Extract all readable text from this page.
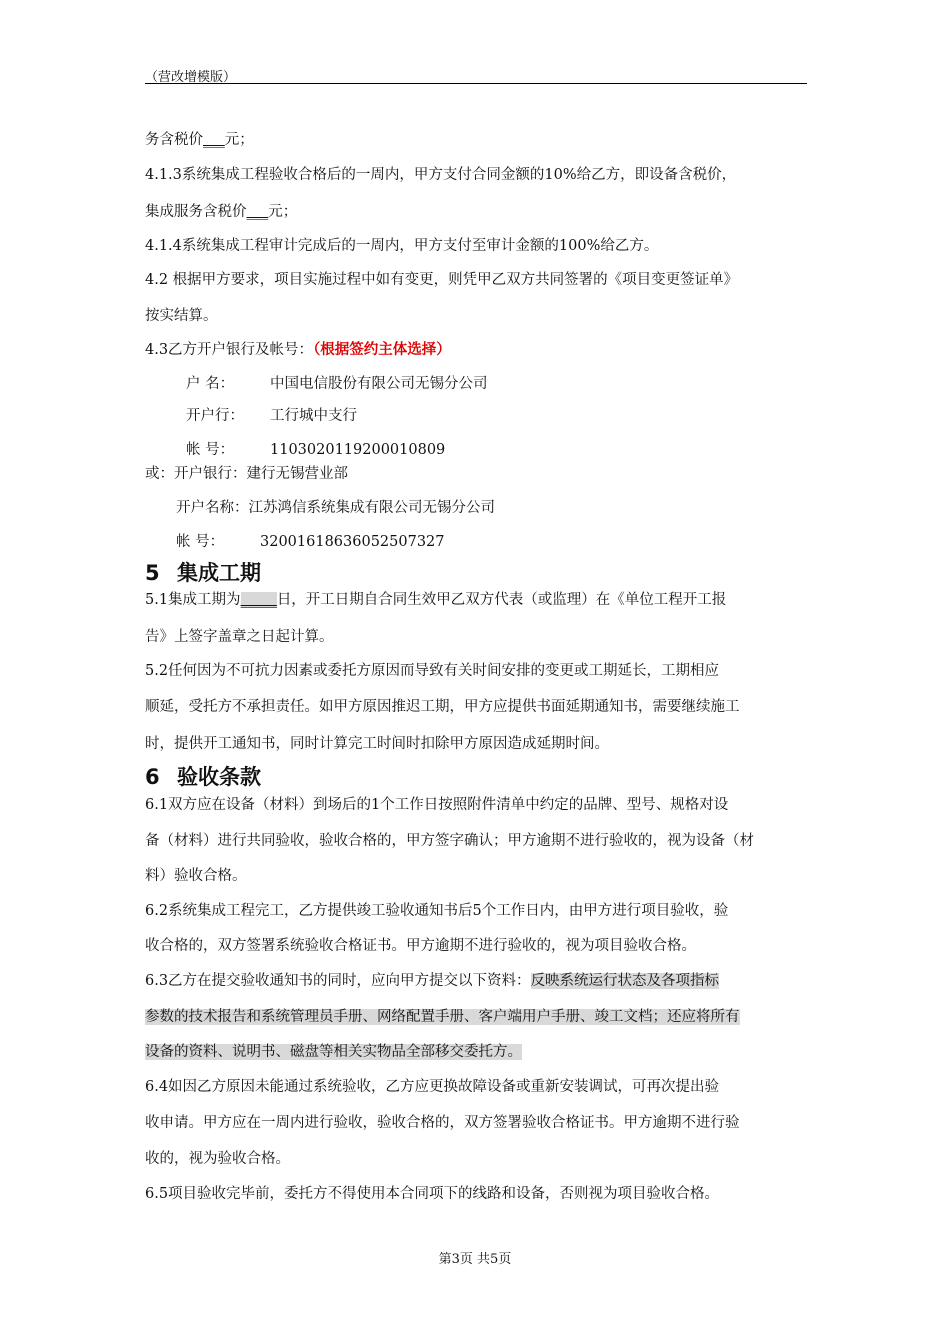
（营改增模版）
务含税价___元；
4.1.3系统集成工程验收合格后的一周内，甲方支付合同金额的10%给乙方，即设备含税价，
集成服务含税价___元；
4.1.4系统集成工程审计完成后的一周内，甲方支付至审计金额的100%给乙方。
4.2 根据甲方要求，项目实施过程中如有变更，则凭甲乙双方共同签署的《项目变更签证单》
按实结算。
4.3乙方开户银行及帐号：（根据签约主体选择）
户 名： 中国电信股份有限公司无锡分公司
开户行： 工行城中支行
帐 号： 1103020119200010809
或：开户银行：建行无锡营业部
开户名称：江苏鸿信系统集成有限公司无锡分公司
帐 号： 32001618636052507327
5 集成工期
5.1集成工期为_____日，开工日期自合同生效甲乙双方代表（或监理）在《单位工程开工报
告》上签字盖章之日起计算。
5.2任何因为不可抗力因素或委托方原因而导致有关时间安排的变更或工期延长，工期相应
顺延，受托方不承担责任。如甲方原因推迟工期，甲方应提供书面延期通知书，需要继续施工
时，提供开工通知书，同时计算完工时间时扣除甲方原因造成延期时间。
6 验收条款
6.1双方应在设备（材料）到场后的1个工作日按照附件清单中约定的品牌、型号、规格对设
备（材料）进行共同验收，验收合格的，甲方签字确认；甲方逾期不进行验收的，视为设备（材
料）验收合格。
6.2系统集成工程完工，乙方提供竣工验收通知书后5个工作日内，由甲方进行项目验收，验
收合格的，双方签署系统验收合格证书。甲方逾期不进行验收的，视为项目验收合格。
6.3乙方在提交验收通知书的同时，应向甲方提交以下资料：反映系统运行状态及各项指标
参数的技术报告和系统管理员手册、网络配置手册、客户端用户手册、竣工文档；还应将所有
设备的资料、说明书、磁盘等相关实物品全部移交委托方。
6.4如因乙方原因未能通过系统验收，乙方应更换故障设备或重新安装调试，可再次提出验
收申请。甲方应在一周内进行验收，验收合格的，双方签署验收合格证书。甲方逾期不进行验
收的，视为验收合格。
6.5项目验收完毕前，委托方不得使用本合同项下的线路和设备，否则视为项目验收合格。
第3页 共5页
